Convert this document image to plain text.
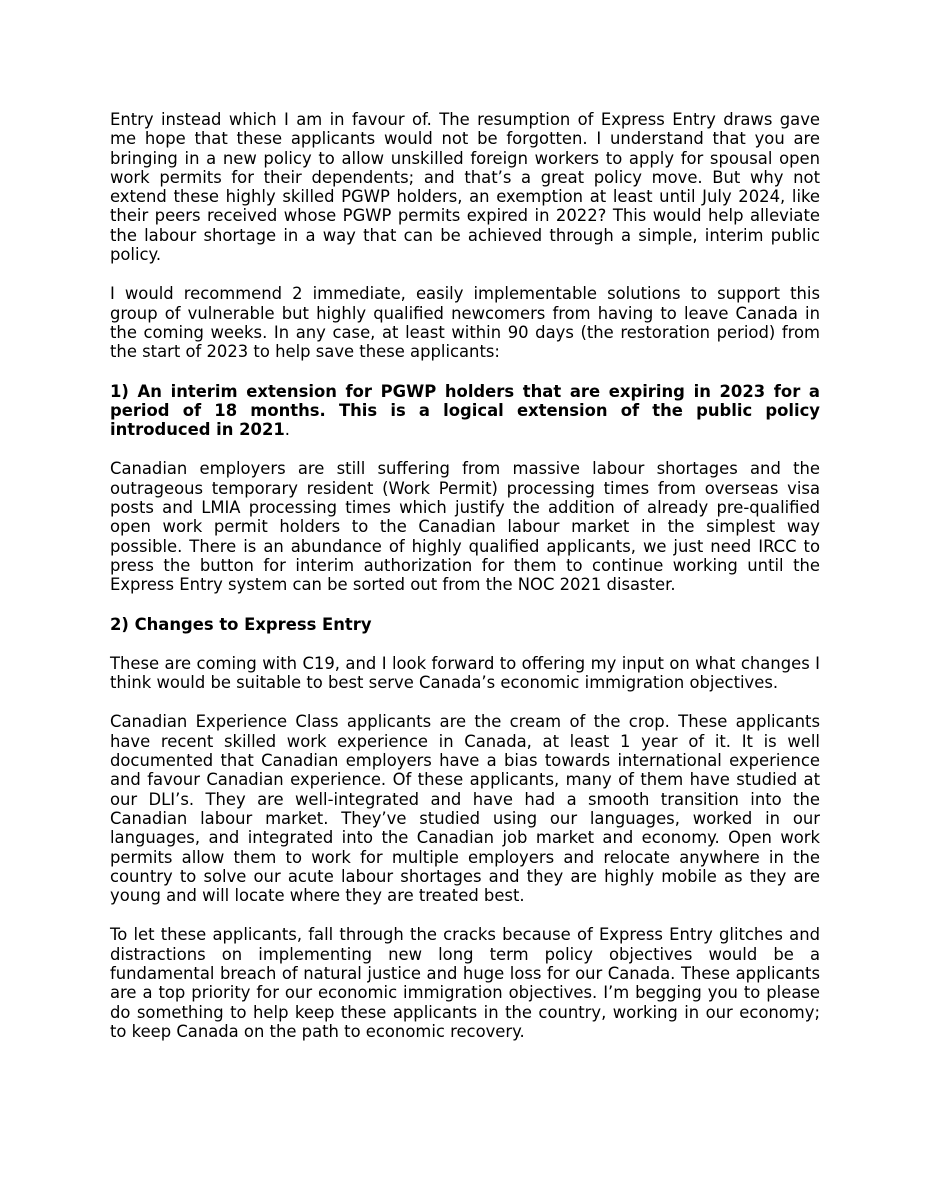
Entry instead which I am in favour of. The resumption of Express Entry draws gave me hope that these applicants would not be forgotten. I understand that you are bringing in a new policy to allow unskilled foreign workers to apply for spousal open work permits for their dependents; and that’s a great policy move. But why not extend these highly skilled PGWP holders, an exemption at least until July 2024, like their peers received whose PGWP permits expired in 2022? This would help alleviate the labour shortage in a way that can be achieved through a simple, interim public policy.

I would recommend 2 immediate, easily implementable solutions to support this group of vulnerable but highly qualified newcomers from having to leave Canada in the coming weeks. In any case, at least within 90 days (the restoration period) from the start of 2023 to help save these applicants:

1) An interim extension for PGWP holders that are expiring in 2023 for a period of 18 months. This is a logical extension of the public policy introduced in 2021.

Canadian employers are still suffering from massive labour shortages and the outrageous temporary resident (Work Permit) processing times from overseas visa posts and LMIA processing times which justify the addition of already pre-qualified open work permit holders to the Canadian labour market in the simplest way possible. There is an abundance of highly qualified applicants, we just need IRCC to press the button for interim authorization for them to continue working until the Express Entry system can be sorted out from the NOC 2021 disaster.

2) Changes to Express Entry

These are coming with C19, and I look forward to offering my input on what changes I think would be suitable to best serve Canada’s economic immigration objectives.

Canadian Experience Class applicants are the cream of the crop. These applicants have recent skilled work experience in Canada, at least 1 year of it. It is well documented that Canadian employers have a bias towards international experience and favour Canadian experience. Of these applicants, many of them have studied at our DLI’s. They are well-integrated and have had a smooth transition into the Canadian labour market. They’ve studied using our languages, worked in our languages, and integrated into the Canadian job market and economy. Open work permits allow them to work for multiple employers and relocate anywhere in the country to solve our acute labour shortages and they are highly mobile as they are young and will locate where they are treated best.

To let these applicants, fall through the cracks because of Express Entry glitches and distractions on implementing new long term policy objectives would be a fundamental breach of natural justice and huge loss for our Canada. These applicants are a top priority for our economic immigration objectives. I’m begging you to please do something to help keep these applicants in the country, working in our economy; to keep Canada on the path to economic recovery.
